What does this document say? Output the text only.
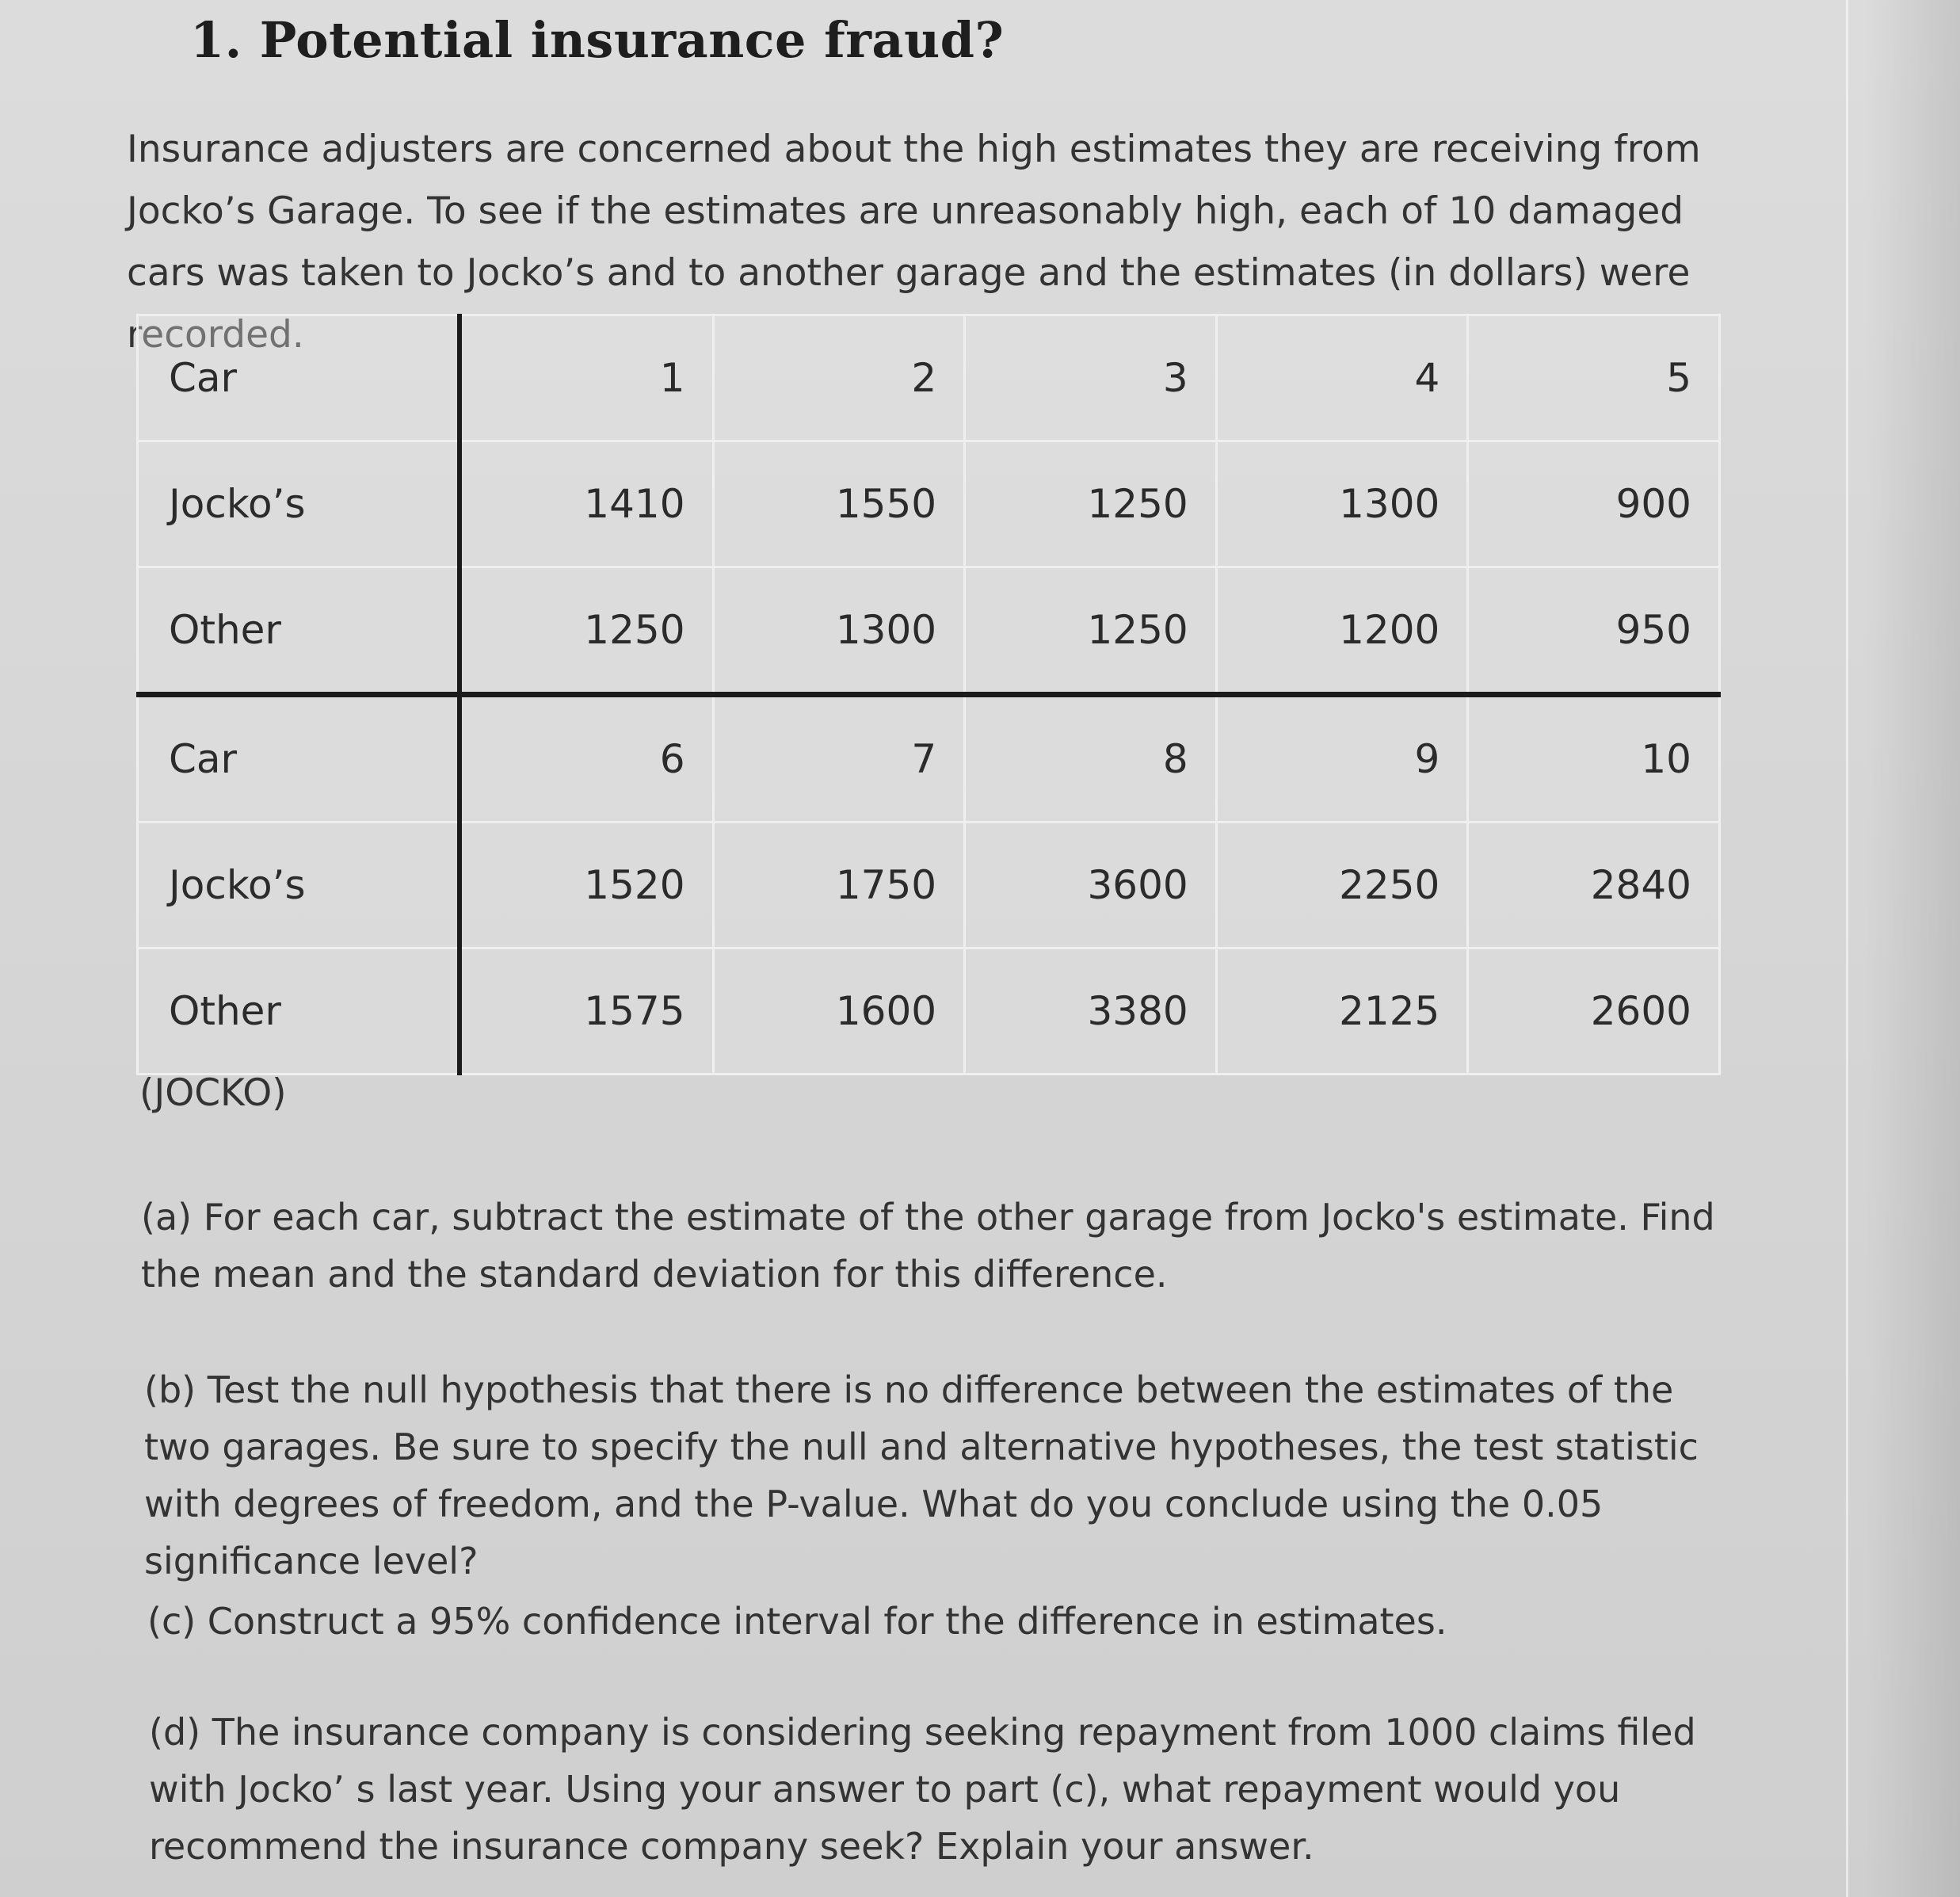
1. Potential insurance fraud?

Insurance adjusters are concerned about the high estimates they are receiving from Jocko’s Garage. To see if the estimates are unreasonably high, each of 10 damaged cars was taken to Jocko’s and to another garage and the estimates (in dollars) were recorded.

Car	1	2	3	4	5
Jocko’s	1410	1550	1250	1300	900
Other	1250	1300	1250	1200	950
Car	6	7	8	9	10
Jocko’s	1520	1750	3600	2250	2840
Other	1575	1600	3380	2125	2600

(JOCKO)

(a) For each car, subtract the estimate of the other garage from Jocko's estimate. Find the mean and the standard deviation for this difference.

(b) Test the null hypothesis that there is no difference between the estimates of the two garages. Be sure to specify the null and alternative hypotheses, the test statistic with degrees of freedom, and the P-value. What do you conclude using the 0.05 significance level?

(c) Construct a 95% confidence interval for the difference in estimates.

(d) The insurance company is considering seeking repayment from 1000 claims filed with Jocko’ s last year. Using your answer to part (c), what repayment would you recommend the insurance company seek? Explain your answer.
